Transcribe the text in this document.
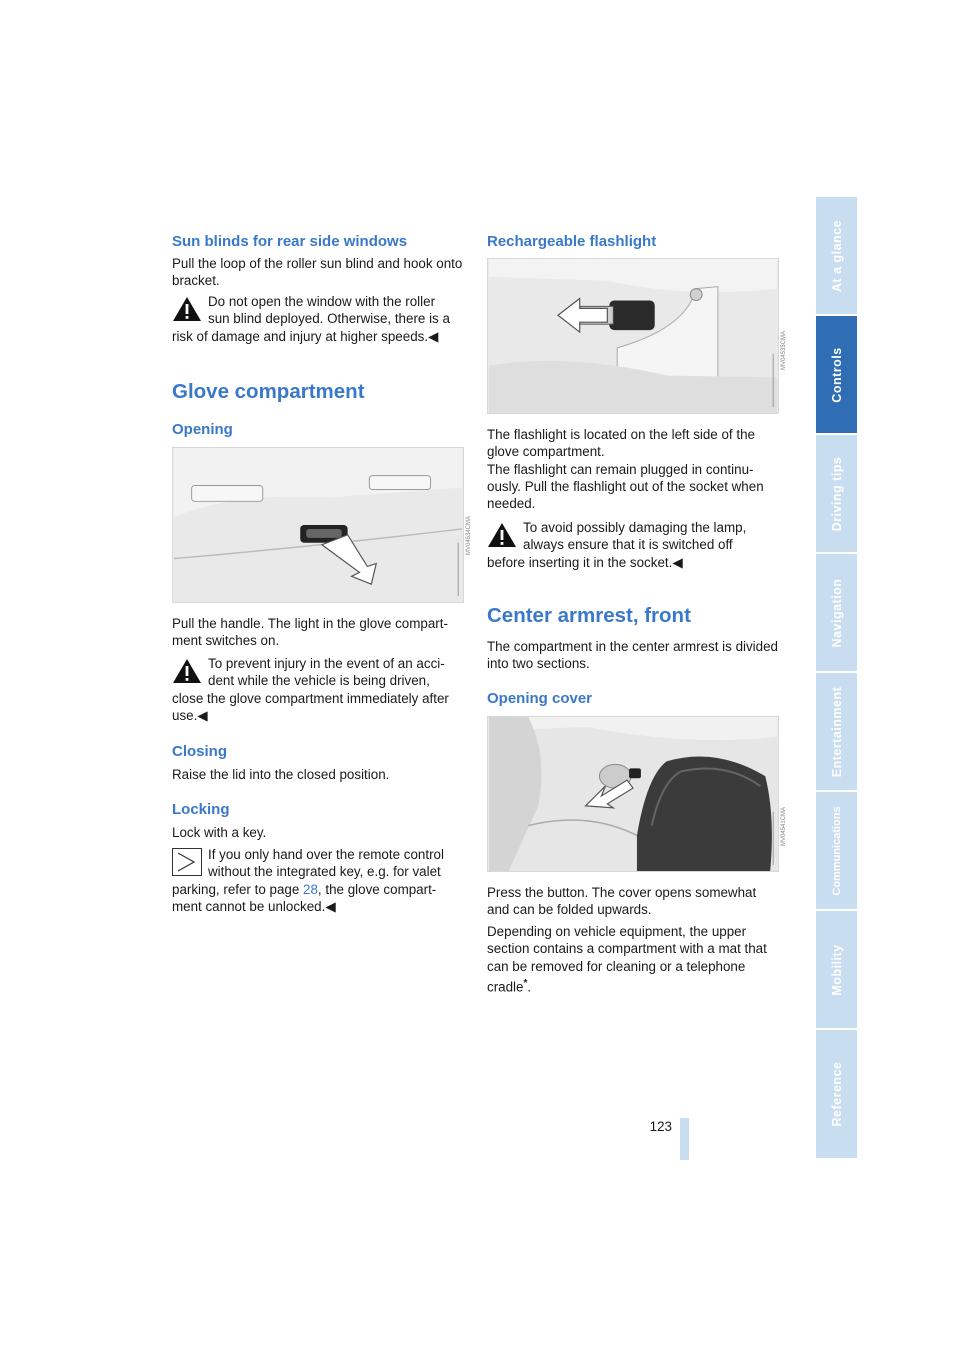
Sun blinds for rear side windows

Pull the loop of the roller sun blind and hook onto bracket.

Do not open the window with the roller
sun blind deployed. Otherwise, there is a
risk of damage and injury at higher speeds.◀
Glove compartment
Opening
MV04534CMA

Pull the handle. The light in the glove compart-ment switches on.

To prevent injury in the event of an acci-
dent while the vehicle is being driven,
close the glove compartment immediately after use.◀
Closing

Raise the lid into the closed position.

Locking

Lock with a key.

If you only hand over the remote control
without the integrated key, e.g. for valet
parking, refer to page 28, the glove compart-ment cannot be unlocked.◀
Rechargeable flashlight
MV04535CMA

The flashlight is located on the left side of the glove compartment.
The flashlight can remain plugged in continu-ously. Pull the flashlight out of the socket when needed.

To avoid possibly damaging the lamp,
always ensure that it is switched off
before inserting it in the socket.◀
Center armrest, front

The compartment in the center armrest is divided into two sections.

Opening cover
MV04541CMA

Press the button. The cover opens somewhat and can be folded upwards.

Depending on vehicle equipment, the upper section contains a compartment with a mat that can be removed for cleaning or a telephone cradle*.

At a glance
Controls
Driving tips
Navigation
Entertainment
Communications
Mobility
Reference
123
